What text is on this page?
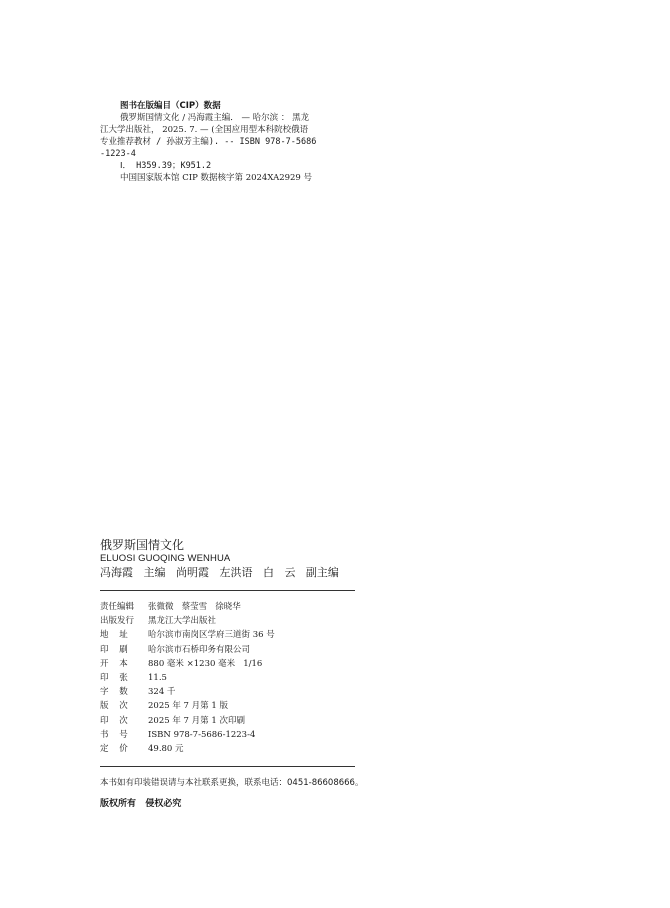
图书在版编目（CIP）数据
俄罗斯国情文化 / 冯海霞主编． — 哈尔滨 ： 黑龙
江大学出版社， 2025. 7. — (全国应用型本科院校俄语
专业推荐教材 / 孙淑芳主编). -- ISBN 978-7-5686
-1223-4
Ⅰ． H359.39；K951.2
中国国家版本馆 CIP 数据核字第 2024XA2929 号
俄罗斯国情文化
ELUOSI GUOQING WENHUA
冯海霞   主编   尚明霞   左洪语   白   云   副主编
责任编辑	张微微   蔡莹雪   徐晓华
出版发行	黑龙江大学出版社
地    址	哈尔滨市南岗区学府三道街 36 号
印    刷	哈尔滨市石桥印务有限公司
开    本	880 毫米 ×1230 毫米   1/16
印    张	11.5
字    数	324 千
版    次	2025 年 7 月第 1 版
印    次	2025 年 7 月第 1 次印刷
书    号	ISBN 978-7-5686-1223-4
定    价	49.80 元
本书如有印装错误请与本社联系更换，联系电话：0451-86608666。
版权所有   侵权必究
